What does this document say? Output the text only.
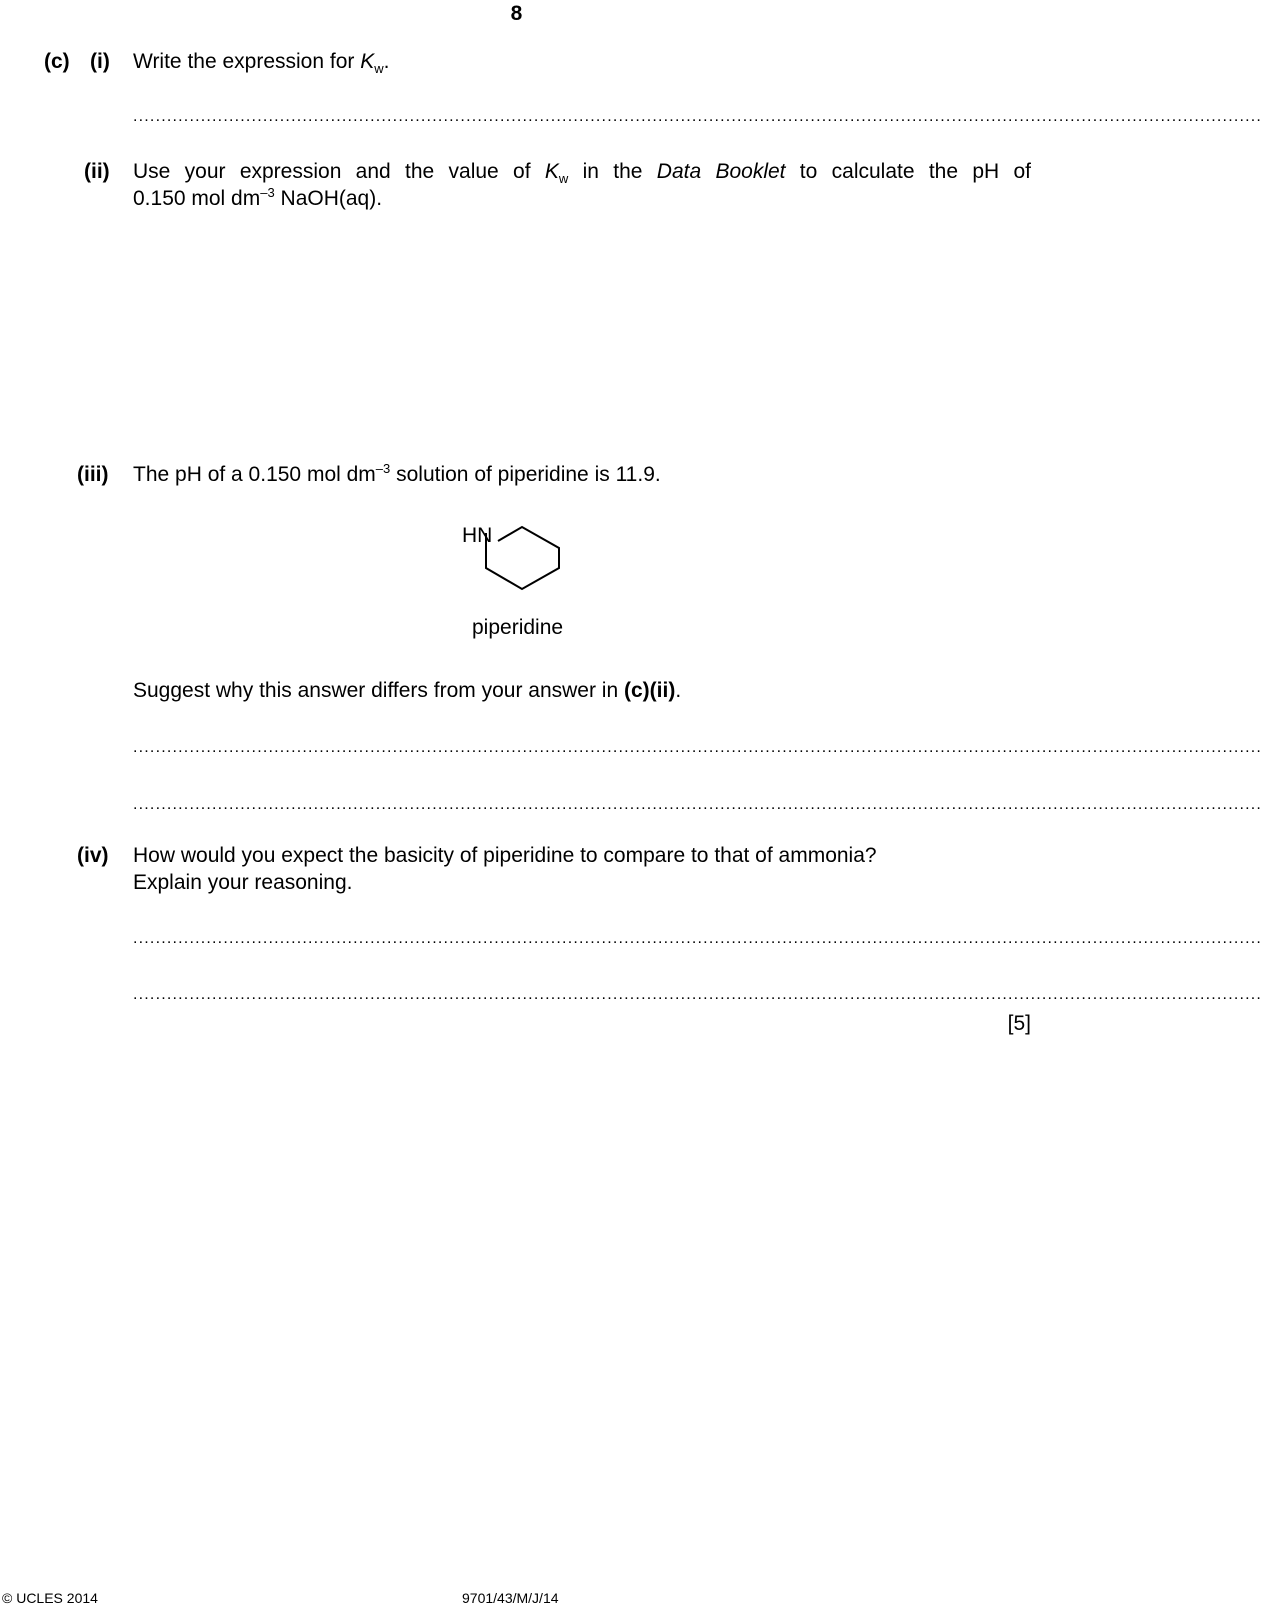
8
(c) (i) Write the expression for $K_w$.
........................................................................................................................................................................................................
(ii) Use your expression and the value of $K_w$ in the Data Booklet to calculate the pH of
0.150 mol $dm^{-3}$ NaOH(aq).
(iii) The pH of a 0.150 mol $dm^{-3}$ solution of piperidine is 11.9.
HN
piperidine
Suggest why this answer differs from your answer in (c)(ii).
........................................................................................................................................................................................................
........................................................................................................................................................................................................
(iv) How would you expect the basicity of piperidine to compare to that of ammonia?
Explain your reasoning.
........................................................................................................................................................................................................
........................................................................................................................................................................................................
[5]
© UCLES 2014	9701/43/M/J/14
